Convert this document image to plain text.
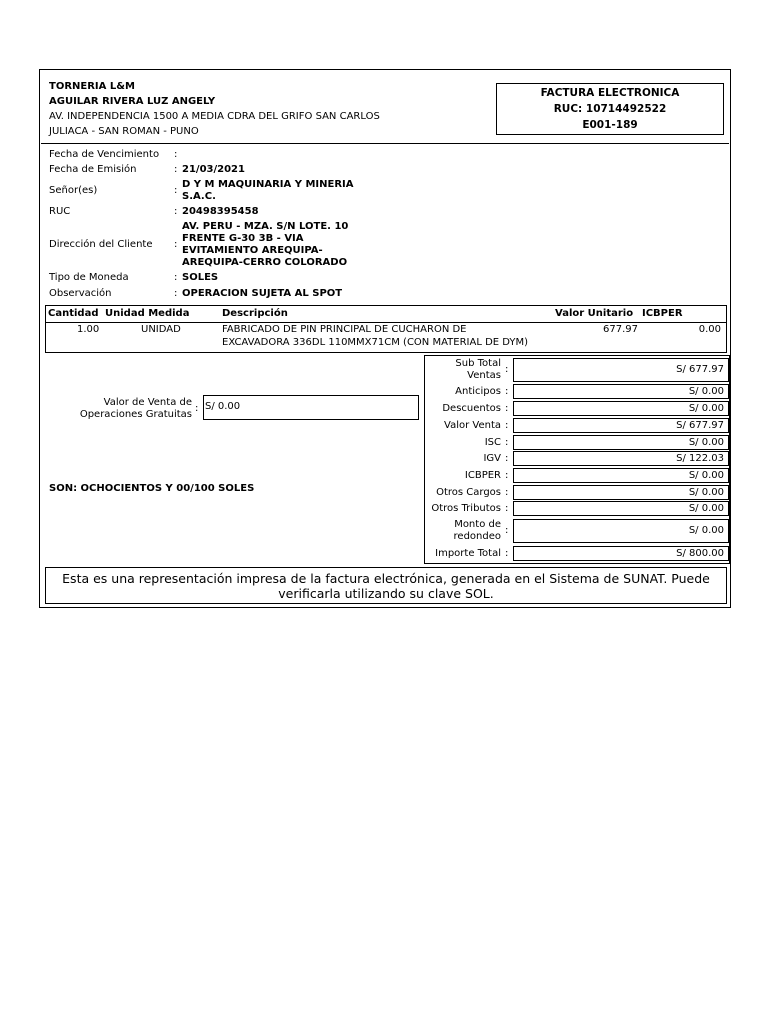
TORNERIA L&M
AGUILAR RIVERA LUZ ANGELY
AV. INDEPENDENCIA 1500 A MEDIA CDRA DEL GRIFO SAN CARLOS
JULIACA - SAN ROMAN - PUNO
FACTURA ELECTRONICA
RUC: 10714492522
E001-189
Fecha de Vencimiento :
Fecha de Emisión	: 21/03/2021
Señor(es)	:
D Y M MAQUINARIA Y MINERIA
S.A.C.
RUC	: 20498395458
Dirección del Cliente :
AV. PERU - MZA. S/N LOTE. 10
FRENTE G-30 3B - VIA
EVITAMIENTO AREQUIPA-
AREQUIPA-CERRO COLORADO
Tipo de Moneda	: SOLES
Observación	: OPERACION SUJETA AL SPOT
Cantidad Unidad Medida	Descripción	Valor Unitario ICBPER
1.00	UNIDAD	FABRICADO DE PIN PRINCIPAL DE CUCHARON DE
EXCAVADORA 336DL 110MMX71CM (CON MATERIAL DE DYM)
677.97	0.00
Valor de Venta de
Operaciones Gratuitas
: S/ 0.00
SON: OCHOCIENTOS Y 00/100 SOLES
Sub Total
Ventas
:	S/ 677.97
Anticipos :	S/ 0.00
Descuentos :	S/ 0.00
Valor Venta :	S/ 677.97
ISC :	S/ 0.00
IGV :	S/ 122.03
ICBPER :	S/ 0.00
Otros Cargos :	S/ 0.00
Otros Tributos :	S/ 0.00
Monto de
redondeo
:	S/ 0.00
Importe Total :	S/ 800.00
Esta es una representación impresa de la factura electrónica, generada en el Sistema de SUNAT. Puede
verificarla utilizando su clave SOL.
